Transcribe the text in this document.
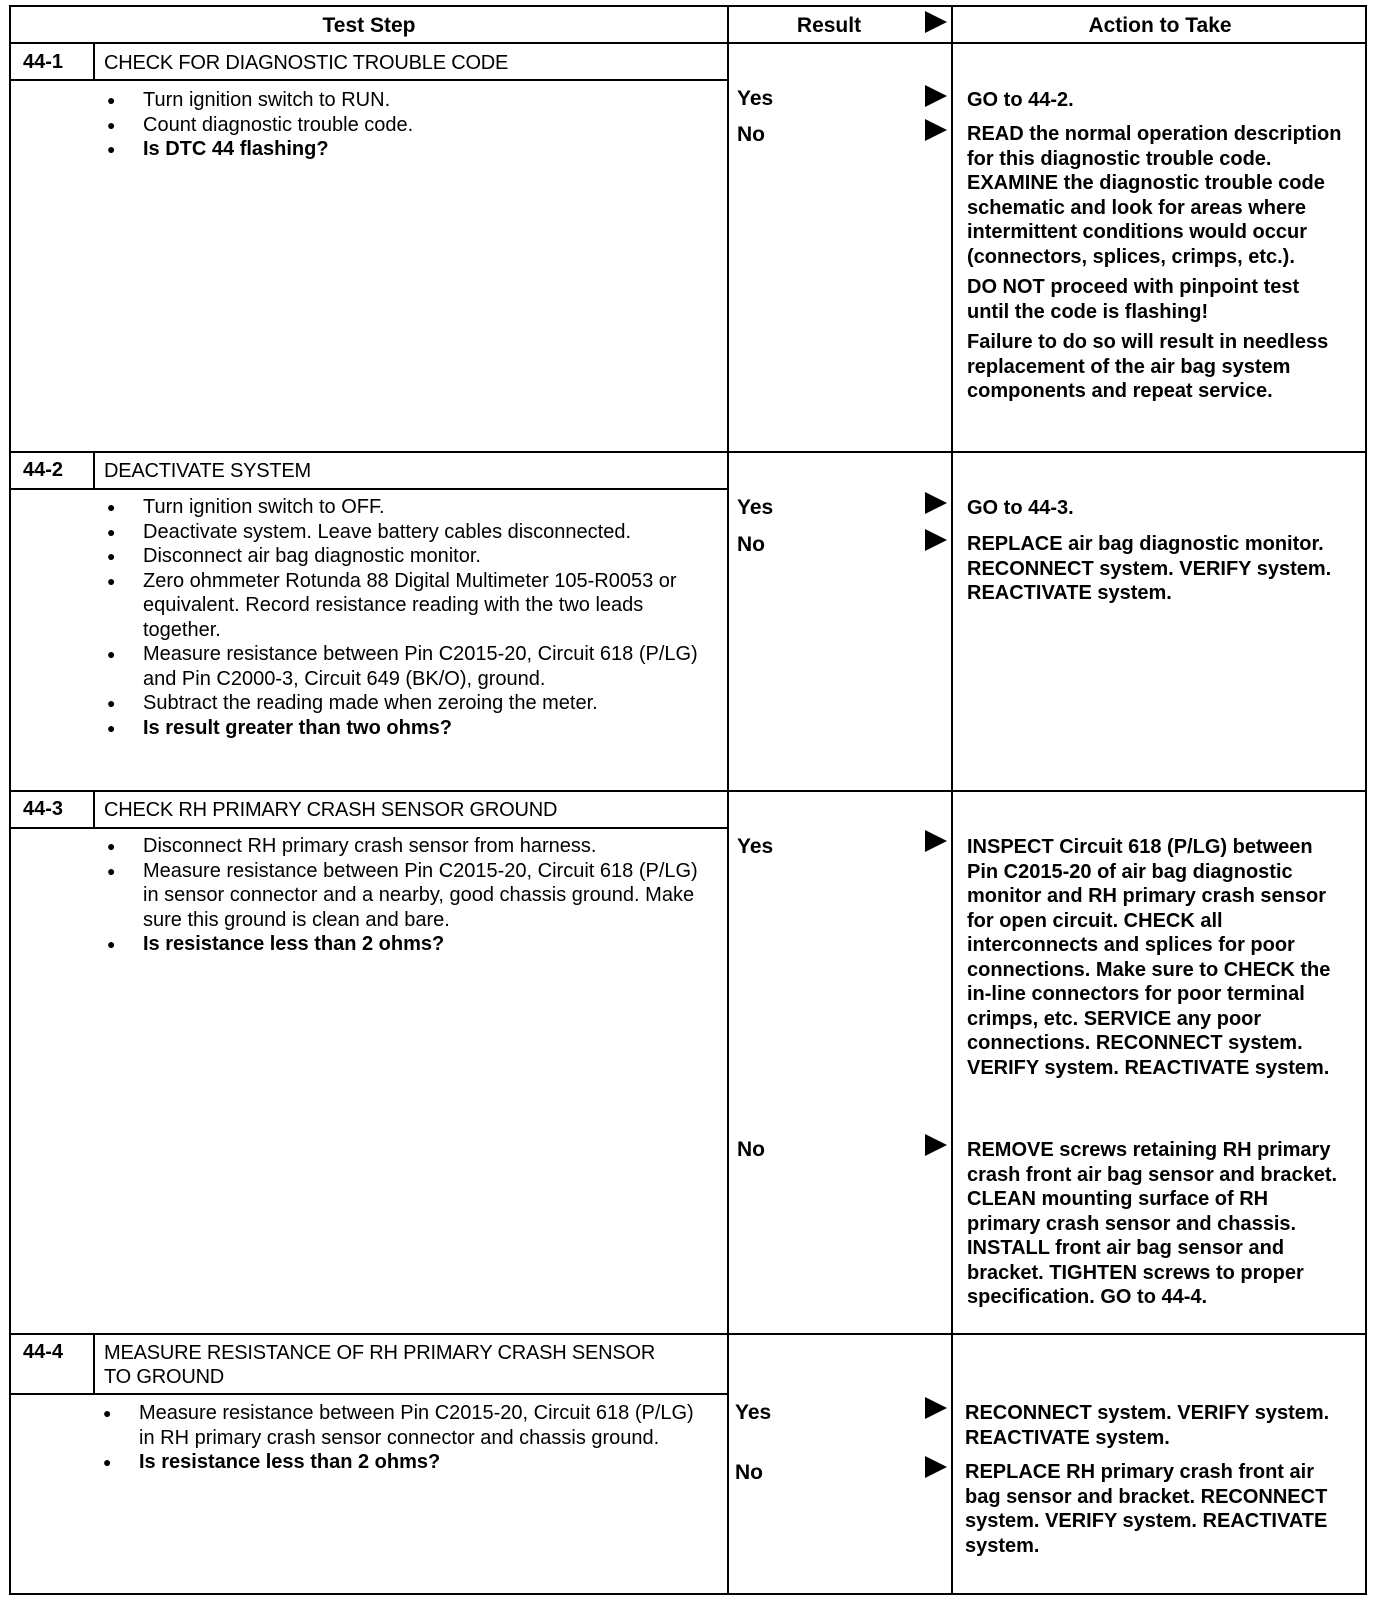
Test Step	Result	Action to Take
44-1 CHECK FOR DIAGNOSTIC TROUBLE CODE
● Turn ignition switch to RUN.
● Count diagnostic trouble code.
● Is DTC 44 flashing?
Yes
No
GO to 44-2.

READ the normal operation description for this diagnostic trouble code. EXAMINE the diagnostic trouble code schematic and look for areas where intermittent conditions would occur (connectors, splices, crimps, etc.).

DO NOT proceed with pinpoint test until the code is flashing!

Failure to do so will result in needless replacement of the air bag system components and repeat service.

44-2 DEACTIVATE SYSTEM
● Turn ignition switch to OFF.
● Deactivate system. Leave battery cables disconnected.
● Disconnect air bag diagnostic monitor.
● Zero ohmmeter Rotunda 88 Digital Multimeter 105-R0053 or equivalent. Record resistance reading with the two leads together.
● Measure resistance between Pin C2015-20, Circuit 618 (P/LG) and Pin C2000-3, Circuit 649 (BK/O), ground.
● Subtract the reading made when zeroing the meter.
● Is result greater than two ohms?
Yes
No
GO to 44-3.

REPLACE air bag diagnostic monitor. RECONNECT system. VERIFY system. REACTIVATE system.

44-3 CHECK RH PRIMARY CRASH SENSOR GROUND
● Disconnect RH primary crash sensor from harness.
● Measure resistance between Pin C2015-20, Circuit 618 (P/LG) in sensor connector and a nearby, good chassis ground. Make sure this ground is clean and bare.
● Is resistance less than 2 ohms?
Yes
No

INSPECT Circuit 618 (P/LG) between Pin C2015-20 of air bag diagnostic monitor and RH primary crash sensor for open circuit. CHECK all interconnects and splices for poor connections. Make sure to CHECK the in-line connectors for poor terminal crimps, etc. SERVICE any poor connections. RECONNECT system. VERIFY system. REACTIVATE system.

REMOVE screws retaining RH primary crash front air bag sensor and bracket. CLEAN mounting surface of RH primary crash sensor and chassis. INSTALL front air bag sensor and bracket. TIGHTEN screws to proper specification. GO to 44-4.
44-4 MEASURE RESISTANCE OF RH PRIMARY CRASH SENSOR TO GROUND
● Measure resistance between Pin C2015-20, Circuit 618 (P/LG) in RH primary crash sensor connector and chassis ground.
● Is resistance less than 2 ohms?
Yes
No

RECONNECT system. VERIFY system. REACTIVATE system.

REPLACE RH primary crash front air bag sensor and bracket. RECONNECT system. VERIFY system. REACTIVATE system.
